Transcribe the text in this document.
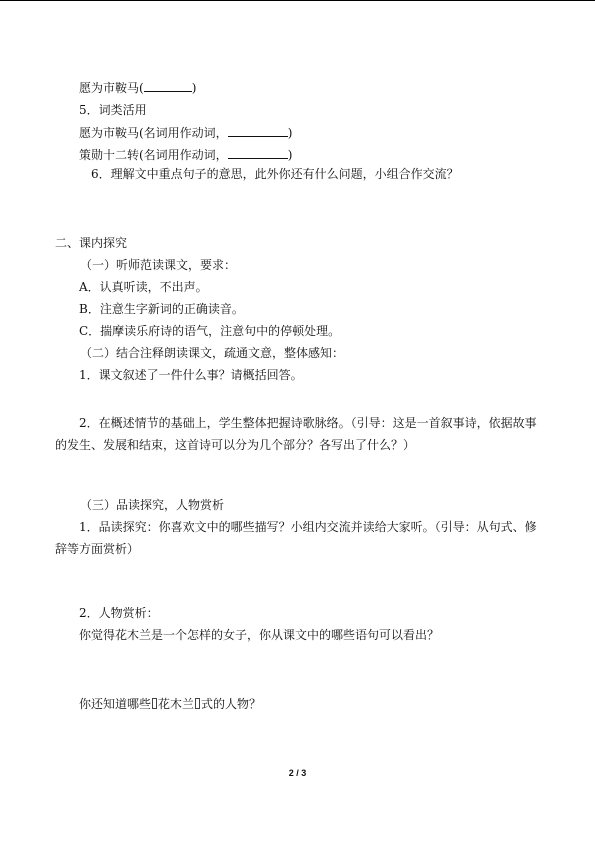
愿为市鞍马(	)
5．词类活用
愿为市鞍马(名词用作动词，	)
策勋十二转(名词用作动词，	)
6．理解文中重点句子的意思，此外你还有什么问题，小组合作交流？
二、课内探究
（一）听师范读课文，要求：
A．认真听读，不出声。
B．注意生字新词的正确读音。
C．揣摩读乐府诗的语气，注意句中的停顿处理。
（二）结合注释朗读课文，疏通文意，整体感知：
1．课文叙述了一件什么事？请概括回答。
2．在概述情节的基础上，学生整体把握诗歌脉络。（引导：这是一首叙事诗，依据故事
的发生、发展和结束，这首诗可以分为几个部分？各写出了什么？）
（三）品读探究，人物赏析
1．品读探究：你喜欢文中的哪些描写？小组内交流并读给大家听。（引导：从句式、修
辞等方面赏析）
2．人物赏析：
你觉得花木兰是一个怎样的女子，你从课文中的哪些语句可以看出？
你还知道哪些 花木兰 式的人物？
2 / 3
